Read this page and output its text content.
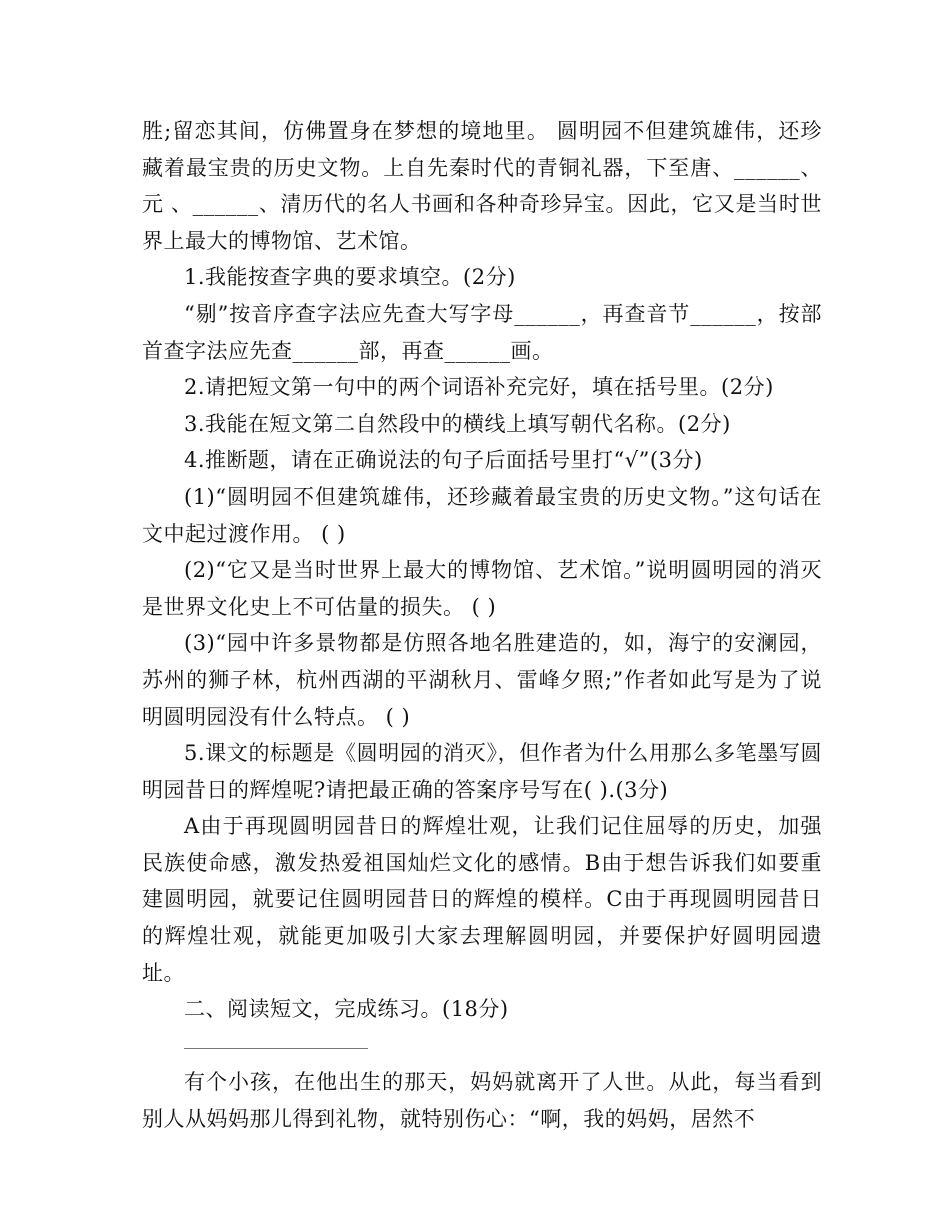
胜;留恋其间，仿佛置身在梦想的境地里。 圆明园不但建筑雄伟，还珍藏着最宝贵的历史文物。上自先秦时代的青铜礼器，下至唐、______、元 、______、清历代的名人书画和各种奇珍异宝。因此，它又是当时世界上最大的博物馆、艺术馆。

1.我能按查字典的要求填空。(2分)

“剔”按音序查字法应先查大写字母______，再查音节______，按部首查字法应先查______部，再查______画。

2.请把短文第一句中的两个词语补充完好，填在括号里。(2分)

3.我能在短文第二自然段中的横线上填写朝代名称。(2分)

4.推断题，请在正确说法的句子后面括号里打“√”(3分)

(1)“圆明园不但建筑雄伟，还珍藏着最宝贵的历史文物。”这句话在文中起过渡作用。 ( )

(2)“它又是当时世界上最大的博物馆、艺术馆。”说明圆明园的消灭是世界文化史上不可估量的损失。 ( )

(3)“园中许多景物都是仿照各地名胜建造的，如，海宁的安澜园，苏州的狮子林，杭州西湖的平湖秋月、雷峰夕照;”作者如此写是为了说明圆明园没有什么特点。 ( )

5.课文的标题是《圆明园的消灭》，但作者为什么用那么多笔墨写圆明园昔日的辉煌呢?请把最正确的答案序号写在( ).(3分)

A由于再现圆明园昔日的辉煌壮观，让我们记住屈辱的历史，加强民族使命感，激发热爱祖国灿烂文化的感情。B由于想告诉我们如要重建圆明园，就要记住圆明园昔日的辉煌的模样。C由于再现圆明园昔日的辉煌壮观，就能更加吸引大家去理解圆明园，并要保护好圆明园遗址。

二、阅读短文，完成练习。(18分)

有个小孩，在他出生的那天，妈妈就离开了人世。从此，每当看到别人从妈妈那儿得到礼物，就特别伤心：“啊，我的妈妈，居然不
